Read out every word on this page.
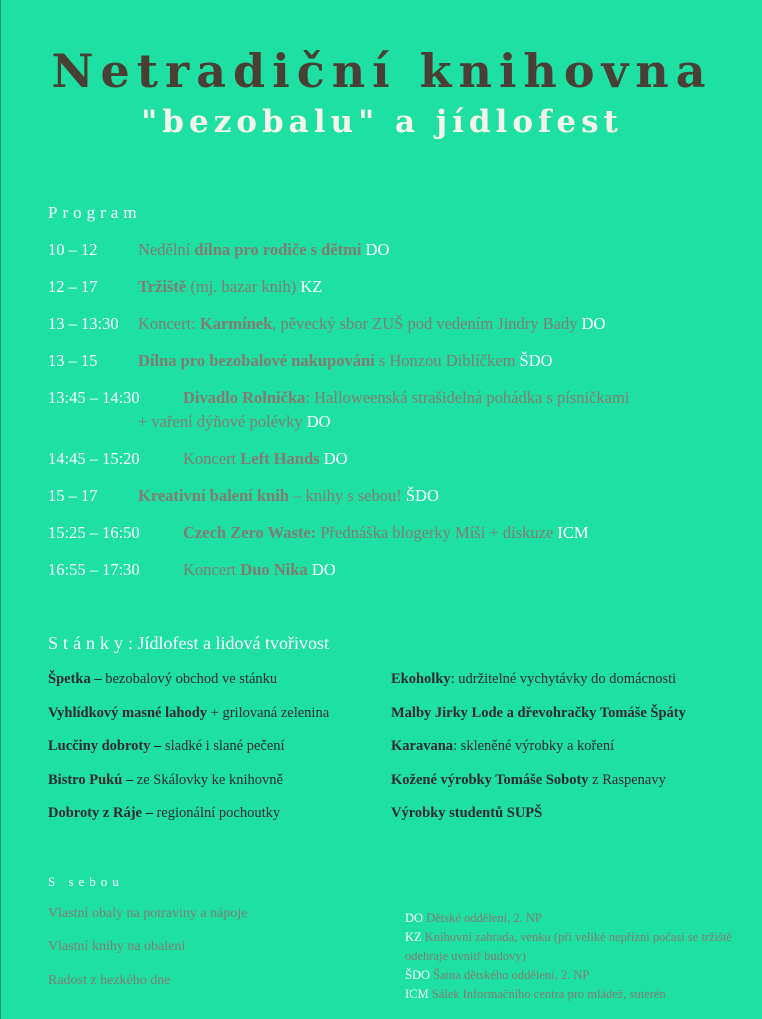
Netradiční knihovna
"bezobalu" a jídlofest
Program
10 – 12 Nedělní dílna pro rodiče s dětmi DO
12 – 17 Tržiště (mj. bazar knih) KZ
13 – 13:30 Koncert: Karmínek, pěvecký sbor ZUŠ pod vedením Jindry Bady DO
13 – 15 Dílna pro bezobalové nakupování s Honzou Diblíčkem ŠDO
13:45 – 14:30	Divadlo Rolnička: Halloweenská strašidelná pohádka s písničkami
+ vaření dýňové polévky DO
14:45 – 15:20	Koncert Left Hands DO
15 – 17 Kreativní balení knih – knihy s sebou! ŠDO
15:25 – 16:50	Czech Zero Waste: Přednáška blogerky Míši + diskuze ICM
16:55 – 17:30	Koncert Duo Nika DO
Stánky: Jídlofest a lidová tvořivost
Špetka – bezobalový obchod ve stánku
Vyhlídkový masné lahody + grilovaná zelenina
Lucčiny dobroty – sladké i slané pečení
Bistro Pukú – ze Skálovky ke knihovně
Dobroty z Ráje – regionální pochoutky
Ekoholky: udržitelné vychytávky do domácnosti
Malby Jirky Lode a dřevohračky Tomáše Špáty
Karavana: skleněné výrobky a koření
Kožené výrobky Tomáše Soboty z Raspenavy
Výrobky studentů SUPŠ
S sebou
Vlastní obaly na potraviny a nápoje
Vlastní knihy na obalení
Radost z hezkého dne
DO Dětské oddělení, 2. NP
KZ Knihovní zahrada, venku (při veliké nepřízni počasí se tržiště odehraje uvnitř budovy)
ŠDO Šatna dětského oddělení, 2. NP
ICM Sálek Informačního centra pro mládež, suterén
